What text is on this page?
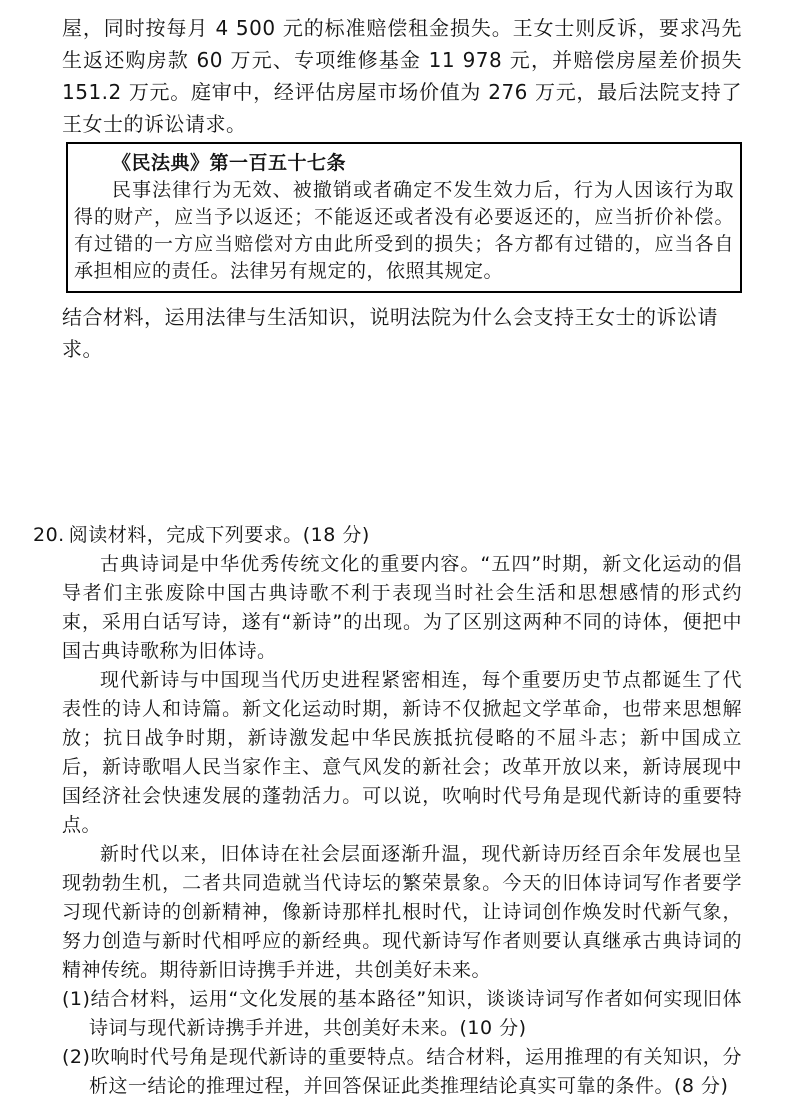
屋，同时按每月 4 500 元的标准赔偿租金损失。王女士则反诉，要求冯先生返还购房款 60 万元、专项维修基金 11 978 元，并赔偿房屋差价损失 151.2 万元。庭审中，经评估房屋市场价值为 276 万元，最后法院支持了王女士的诉讼请求。

《民法典》第一百五十七条

民事法律行为无效、被撤销或者确定不发生效力后，行为人因该行为取得的财产，应当予以返还；不能返还或者没有必要返还的，应当折价补偿。有过错的一方应当赔偿对方由此所受到的损失；各方都有过错的，应当各自承担相应的责任。法律另有规定的，依照其规定。

结合材料，运用法律与生活知识，说明法院为什么会支持王女士的诉讼请求。

20. 阅读材料，完成下列要求。(18 分)

古典诗词是中华优秀传统文化的重要内容。“五四”时期，新文化运动的倡导者们主张废除中国古典诗歌不利于表现当时社会生活和思想感情的形式约束，采用白话写诗，遂有“新诗”的出现。为了区别这两种不同的诗体，便把中国古典诗歌称为旧体诗。

现代新诗与中国现当代历史进程紧密相连，每个重要历史节点都诞生了代表性的诗人和诗篇。新文化运动时期，新诗不仅掀起文学革命，也带来思想解放；抗日战争时期，新诗激发起中华民族抵抗侵略的不屈斗志；新中国成立后，新诗歌唱人民当家作主、意气风发的新社会；改革开放以来，新诗展现中国经济社会快速发展的蓬勃活力。可以说，吹响时代号角是现代新诗的重要特点。

新时代以来，旧体诗在社会层面逐渐升温，现代新诗历经百余年发展也呈现勃勃生机，二者共同造就当代诗坛的繁荣景象。今天的旧体诗词写作者要学习现代新诗的创新精神，像新诗那样扎根时代，让诗词创作焕发时代新气象，努力创造与新时代相呼应的新经典。现代新诗写作者则要认真继承古典诗词的精神传统。期待新旧诗携手并进，共创美好未来。

(1)结合材料，运用“文化发展的基本路径”知识，谈谈诗词写作者如何实现旧体诗词与现代新诗携手并进，共创美好未来。(10 分)

(2)吹响时代号角是现代新诗的重要特点。结合材料，运用推理的有关知识，分析这一结论的推理过程，并回答保证此类推理结论真实可靠的条件。(8 分)
